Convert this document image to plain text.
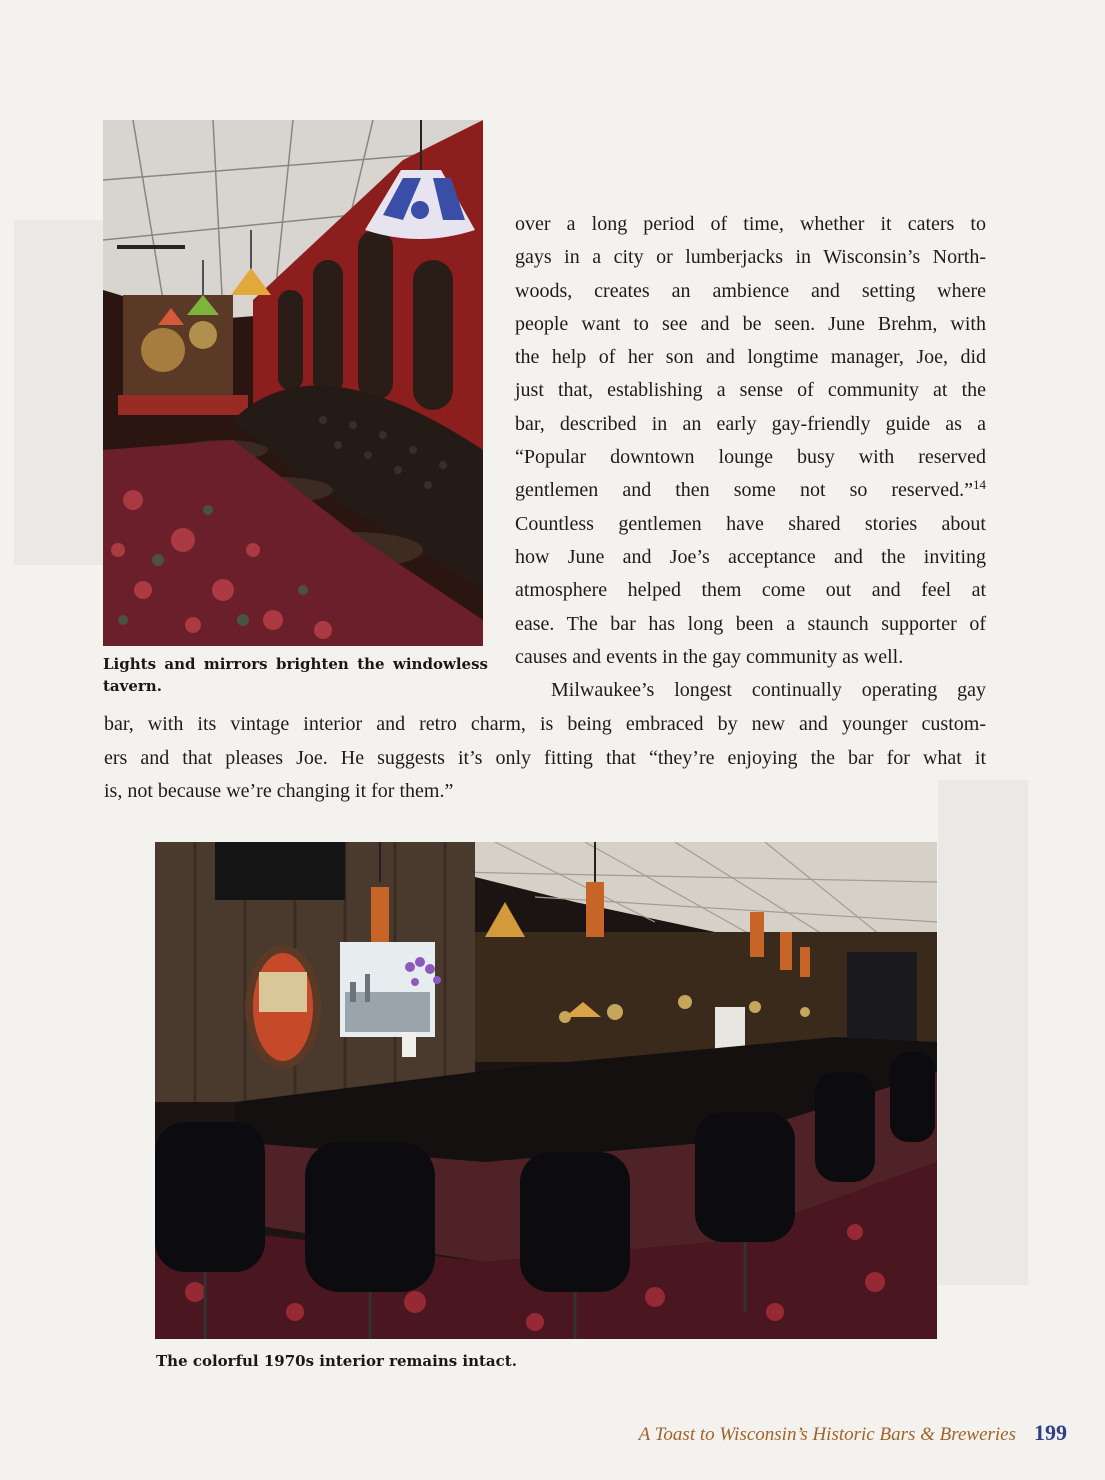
Lights and mirrors brighten the windowless

tavern.

over a long period of time, whether it caters to

gays in a city or lumberjacks in Wisconsin’s North-

woods, creates an ambience and setting where

people want to see and be seen. June Brehm, with

the help of her son and longtime manager, Joe, did

just that, establishing a sense of community at the

bar, described in an early gay-friendly guide as a

“Popular downtown lounge busy with reserved

gentlemen and then some not so reserved.”$^{14}$

Countless gentlemen have shared stories about

how June and Joe’s acceptance and the inviting

atmosphere helped them come out and feel at

ease. The bar has long been a staunch supporter of

causes and events in the gay community as well.

Milwaukee’s longest continually operating gay

bar, with its vintage interior and retro charm, is being embraced by new and younger custom-

ers and that pleases Joe. He suggests it’s only fitting that “they’re enjoying the bar for what it

is, not because we’re changing it for them.”

The colorful 1970s interior remains intact.

A Toast to Wisconsin’s Historic Bars & Breweries 199
